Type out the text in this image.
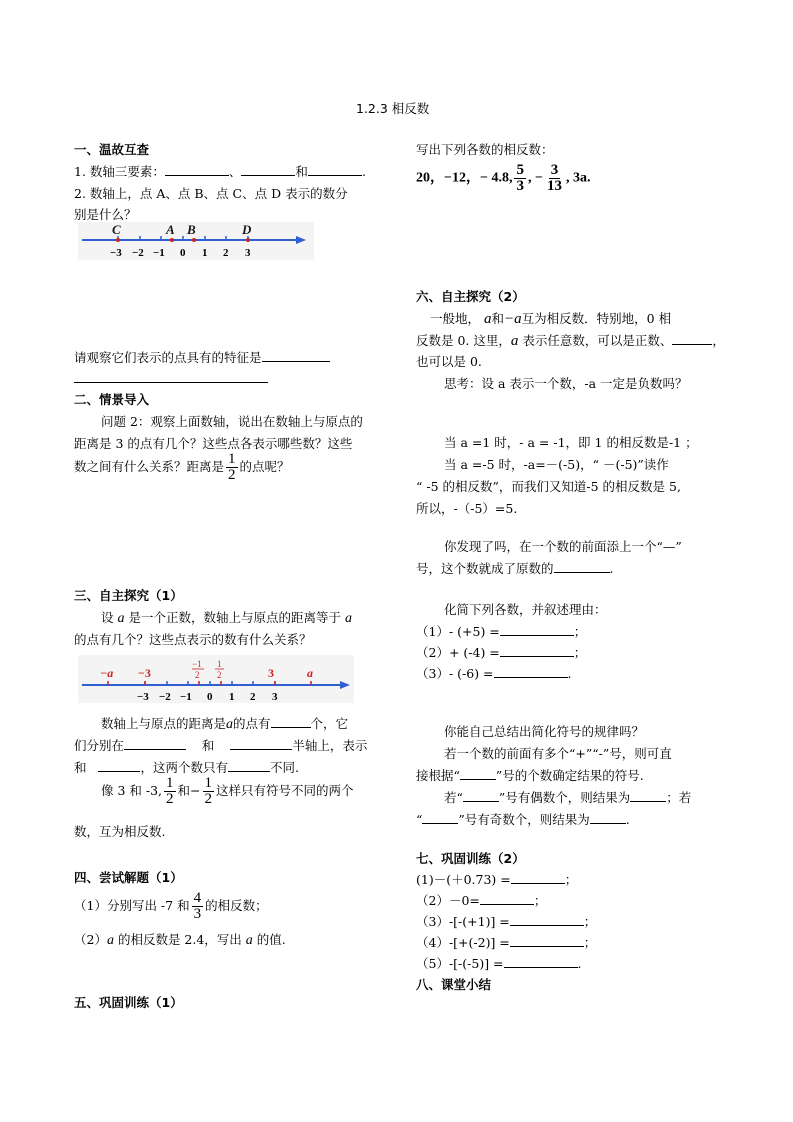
1.2.3 相反数
一、温故互查
1. 数轴三要素：	、	和	.
2. 数轴上，点 A、点 B、点 C、点 D 表示的数分
别是什么？
C	A B	D
−3 −2 −1 0 1 2 3
请观察它们表示的点具有的特征是
二、情景导入
问题 2：观察上面数轴，说出在数轴上与原点的
距离是 3 的点有几个？这些点各表示哪些数？这些
数之间有什么关系？距离是 $\frac{1}{2}$ 的点呢？
三、自主探究（1）
设 a 是一个正数，数轴上与原点的距离等于 a
的点有几个？这些点表示的数有什么关系？
−a −3	3	a
−1
2
1
2
−3 −2 −1 0 1 2 3
数轴上与原点的距离是a的点有	个，它
们分别在	和	半轴上，表示
和	，这两个数只有	不同.
像 3 和 -3, $\frac{1}{2}$ 和− $\frac{1}{2}$ 这样只有符号不同的两个
数，互为相反数.
四、尝试解题（1）
（1）分别写出 -7 和 $\frac{4}{3}$ 的相反数；
（2）a 的相反数是 2.4，写出 a 的值.
五、巩固训练（1）
写出下列各数的相反数：
20，−12，− 4.8, $\frac{5}{3}$ , − $\frac{3}{13}$ , 3a.
六、自主探究（2）
一般地， a和−a互为相反数．特别地，0 相
反数是 0. 这里，a 表示任意数，可以是正数、	，
也可以是 0.
思考：设 a 表示一个数，-a 一定是负数吗？
当 a =1 时，- a = -1，即 1 的相反数是-1 ；
当 a =-5 时，-a=－(-5)，“ －(-5)”读作
“ -5 的相反数”，而我们又知道-5 的相反数是 5,
所以，-（-5）=5.
你发现了吗，在一个数的前面添上一个“—”
号，这个数就成了原数的	.
化简下列各数，并叙述理由：
（1）- (+5) =	；
（2）+ (-4) =	；
（3）- (-6) =	.
你能自己总结出简化符号的规律吗？
若一个数的前面有多个“+”“-”号，则可直
接根据“	”号的个数确定结果的符号.
若“	”号有偶数个，则结果为	；若
“	”号有奇数个，则结果为	.
七、巩固训练（2）
(1)－(＋0.73) =	；
（2）－0=	；
（3）-[-(+1)] =	；
（4）-[+(-2)] =	；
（5）-[-(-5)] =	.
八、课堂小结
